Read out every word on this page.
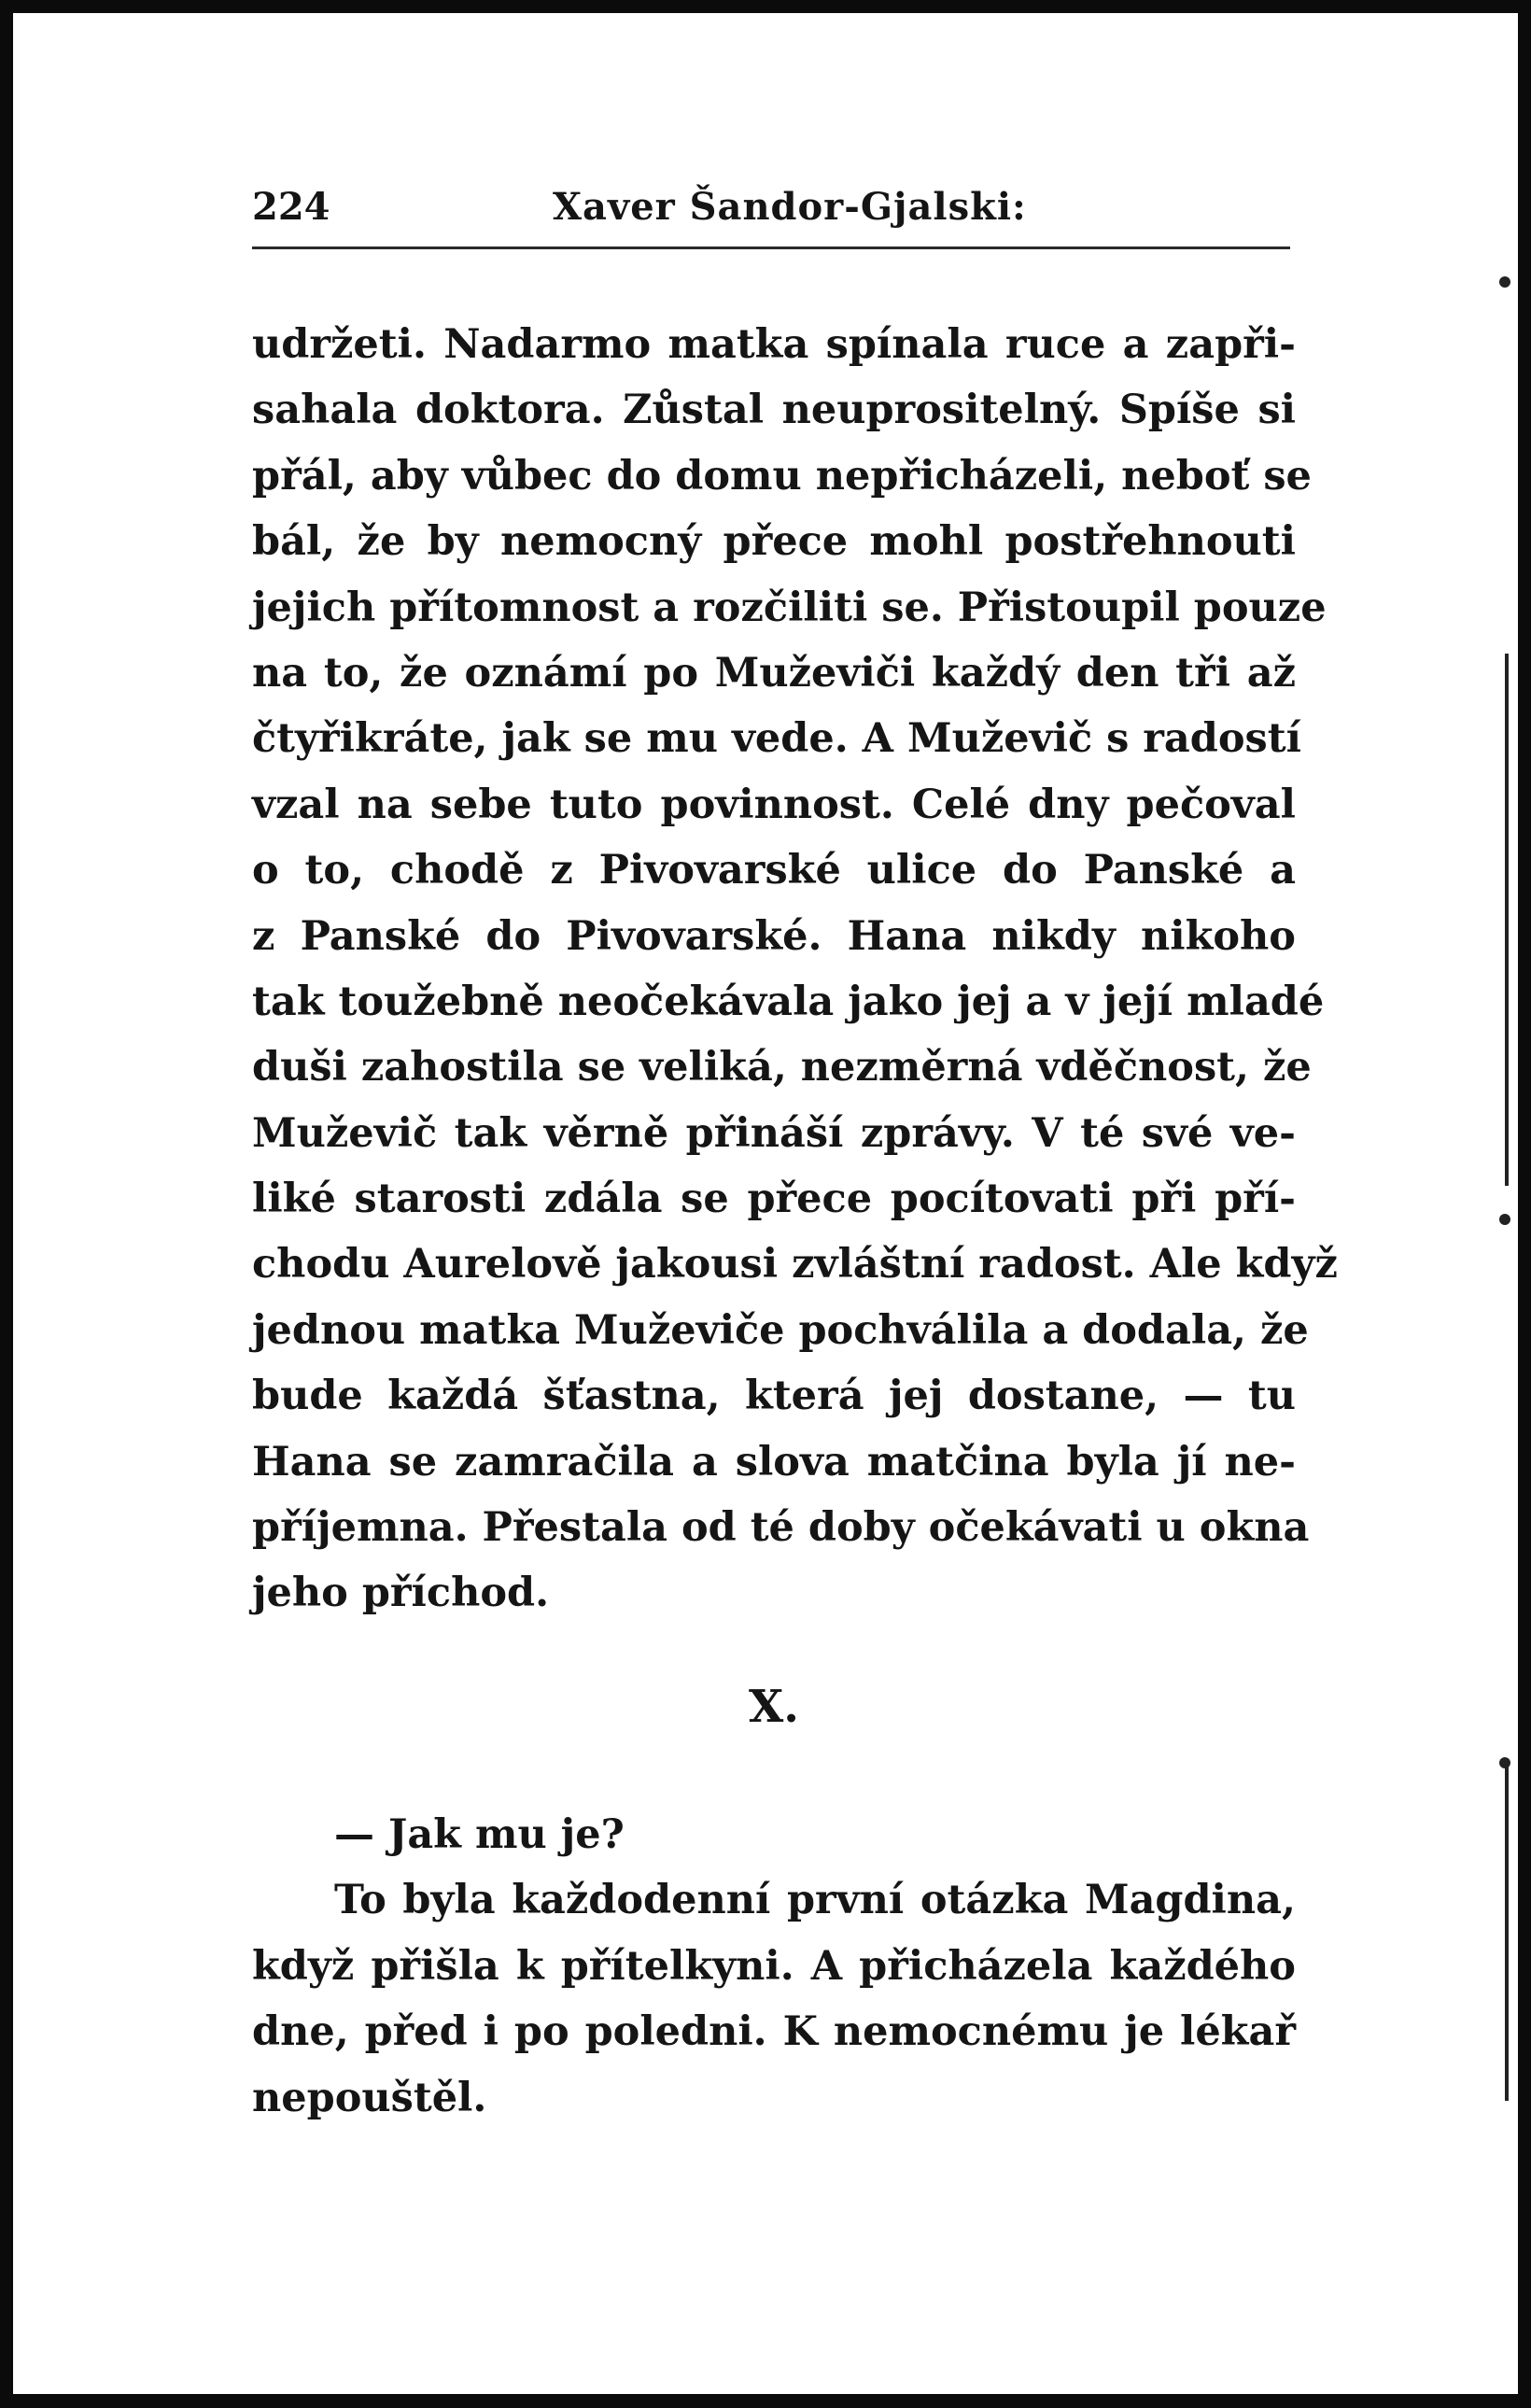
224	Xaver Šandor-Gjalski:
udržeti. Nadarmo matka spínala ruce a zapři-
sahala doktora. Zůstal neuprositelný. Spíše si
přál, aby vůbec do domu nepřicházeli, neboť se
bál, že by nemocný přece mohl postřehnouti
jejich přítomnost a rozčiliti se. Přistoupil pouze
na to, že oznámí po Muževiči každý den tři až
čtyřikráte, jak se mu vede. A Muževič s radostí
vzal na sebe tuto povinnost. Celé dny pečoval
o to, chodě z Pivovarské ulice do Panské a
z Panské do Pivovarské. Hana nikdy nikoho
tak toužebně neočekávala jako jej a v její mladé
duši zahostila se veliká, nezměrná vděčnost, že
Muževič tak věrně přináší zprávy. V té své ve-
liké starosti zdála se přece pocítovati při pří-
chodu Aurelově jakousi zvláštní radost. Ale když
jednou matka Muževiče pochválila a dodala, že
bude každá šťastna, která jej dostane, — tu
Hana se zamračila a slova matčina byla jí ne-
příjemna. Přestala od té doby očekávati u okna
jeho příchod.
X.
— Jak mu je?
To byla každodenní první otázka Magdina,
když přišla k přítelkyni. A přicházela každého
dne, před i po poledni. K nemocnému je lékař
nepouštěl.
